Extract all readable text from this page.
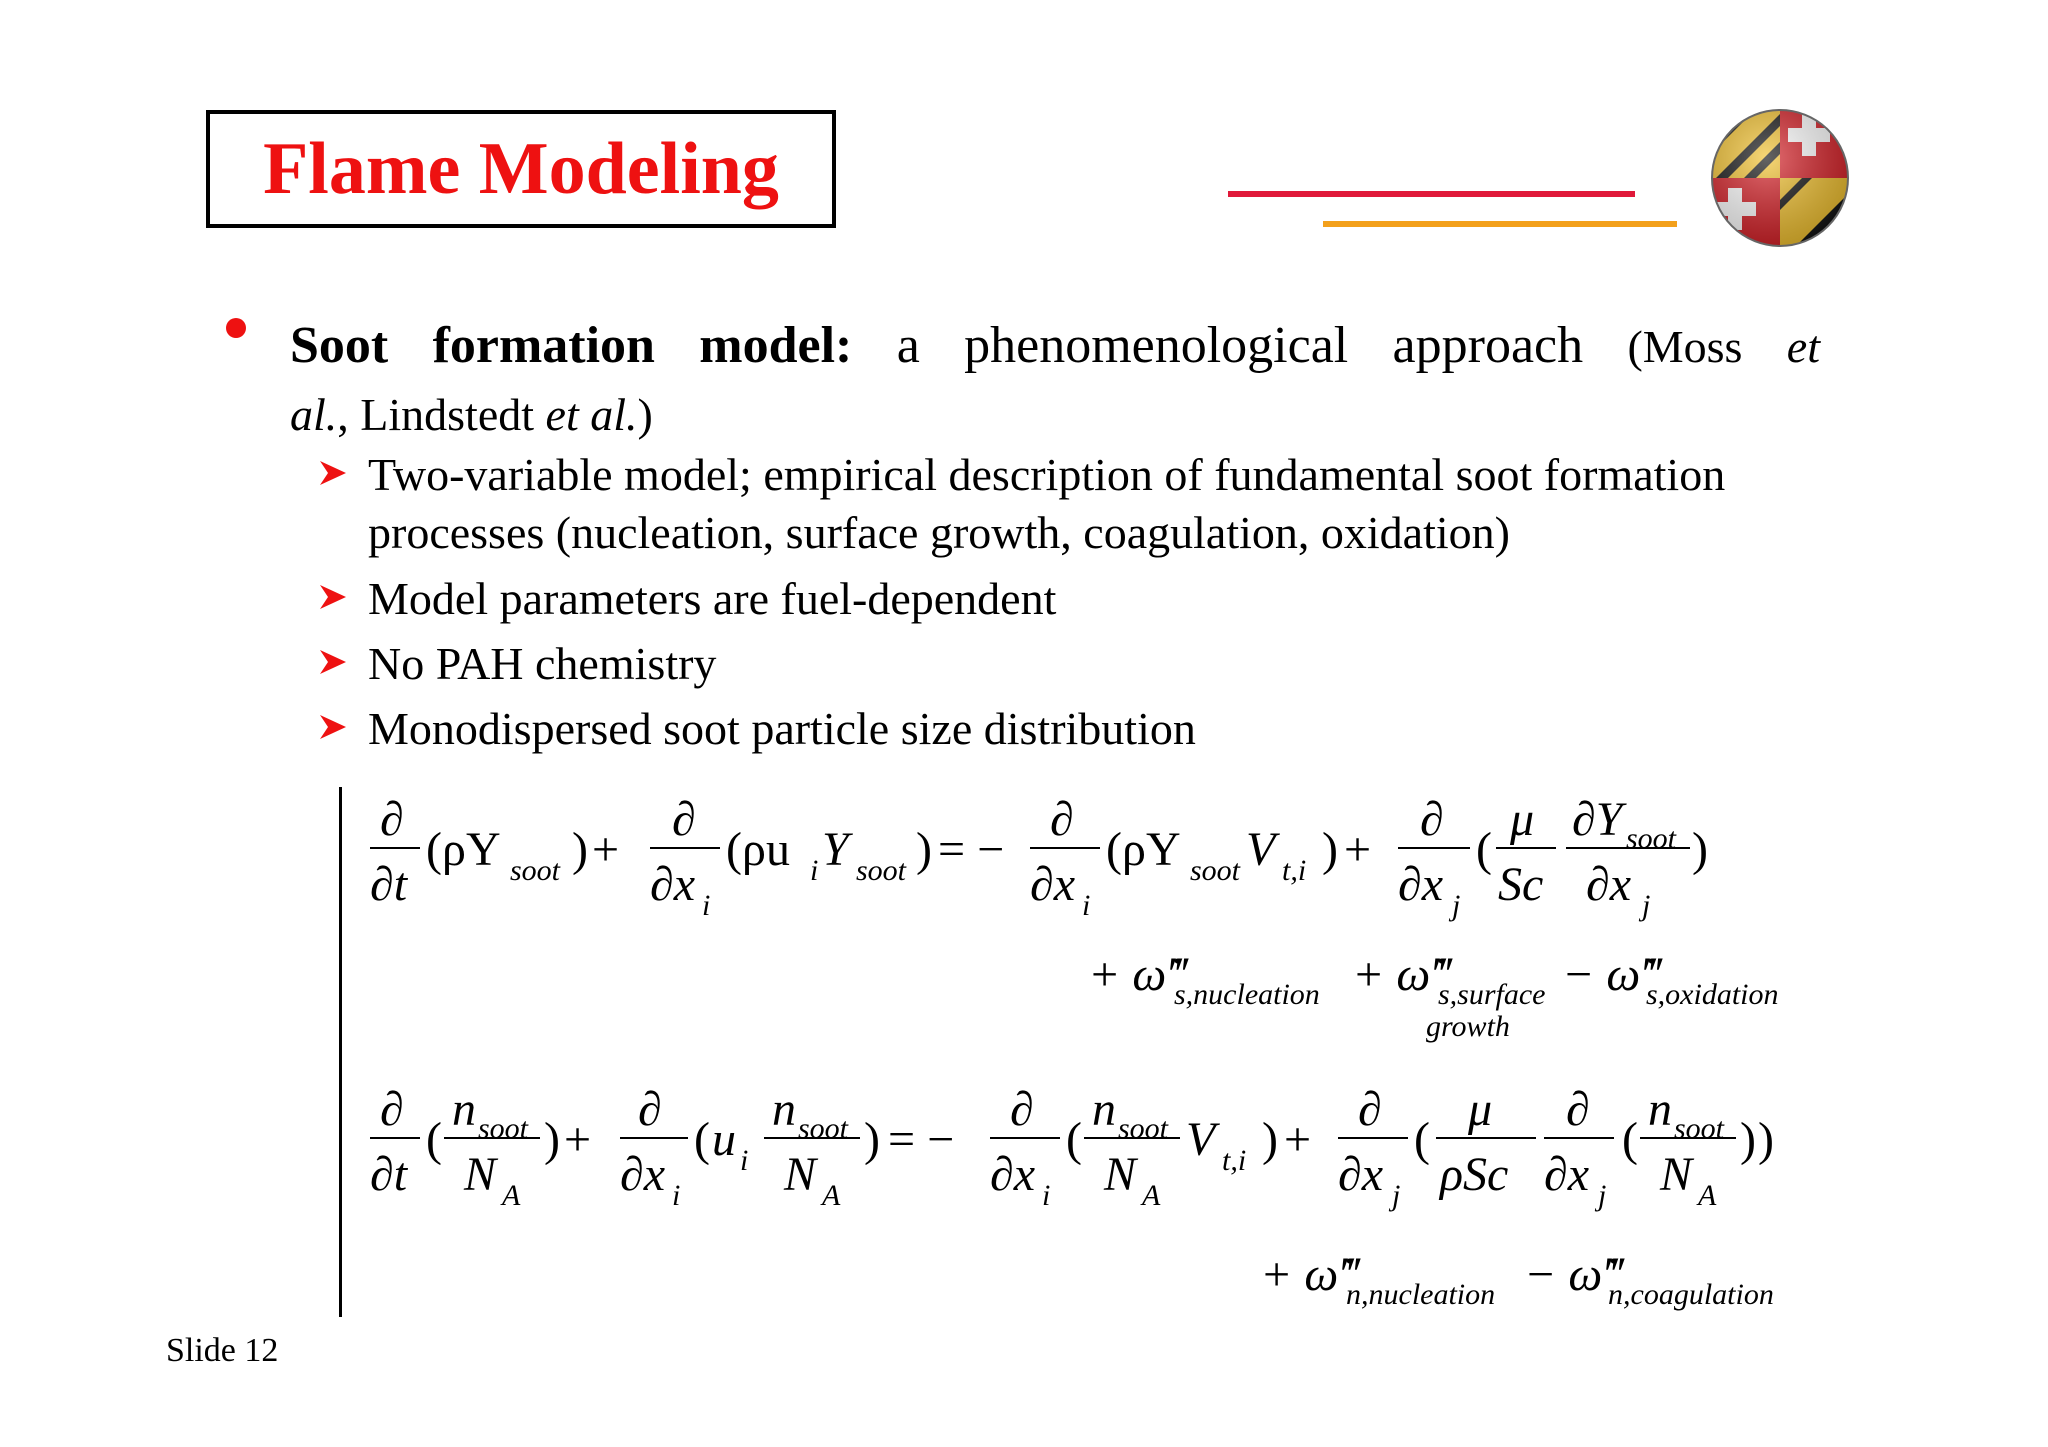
Flame Modeling
Soot formation model: a phenomenological approach (Moss et
al., Lindstedt et al.)
Two-variable model; empirical description of fundamental soot formation
processes (nucleation, surface growth, coagulation, oxidation)
Model parameters are fuel-dependent
No PAH chemistry
Monodispersed soot particle size distribution
∂
∂t
(ρY soot ) +
∂
∂x i
(ρu i Y soot ) = −
∂
∂x i
(ρY soot V t,i ) +
∂
∂x j
(
μ
Sc
∂Y soot
∂x j
)
+ ω̇‴
s,nucleation + ω̇‴
s,surface
growth
− ω̇‴
s,oxidation
∂
∂t
(
n soot
N A
) +
∂
∂x i
( u i
n soot
N A
) = −
∂
∂x i
(
n soot
N A
V t,i ) +
∂
∂x j
(
μ
ρSc
∂
∂x j
(
n soot
N A
) )
+ ω̇‴
n,nucleation − ω̇‴
n,coagulation
Slide 12
